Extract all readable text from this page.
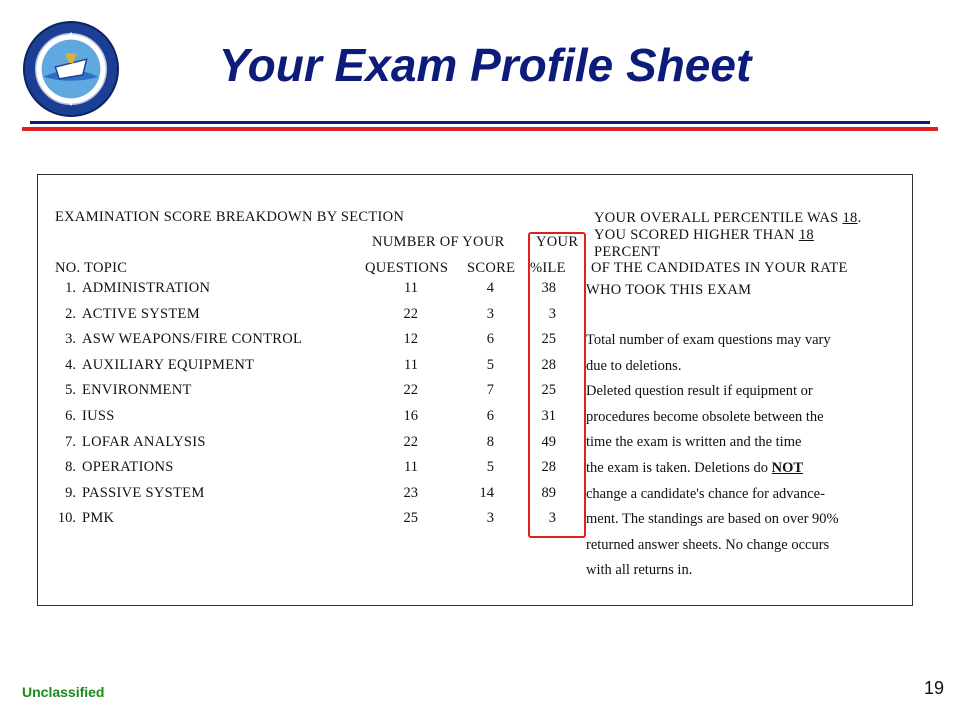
Your Exam Profile Sheet
EXAMINATION SCORE BREAKDOWN BY SECTION
NUMBER OF YOUR YOUR
NO. TOPIC	QUESTIONS SCORE %ILE
1. ADMINISTRATION	11	4	38
2. ACTIVE SYSTEM	22	3	3
3. ASW WEAPONS/FIRE CONTROL	12	6	25
4. AUXILIARY EQUIPMENT	11	5	28
5. ENVIRONMENT	22	7	25
6. IUSS	16	6	31
7. LOFAR ANALYSIS	22	8	49
8. OPERATIONS	11	5	28
9. PASSIVE SYSTEM	23	14	89
10. PMK	25	3	3
YOUR OVERALL PERCENTILE WAS 18.
YOU SCORED HIGHER THAN 18
PERCENT
OF THE CANDIDATES IN YOUR RATE
WHO TOOK THIS EXAM
Total number of exam questions may vary
due to deletions.
Deleted question result if equipment or
procedures become obsolete between the
time the exam is written and the time
the exam is taken. Deletions do NOT
change a candidate's chance for advance-
ment. The standings are based on over 90%
returned answer sheets. No change occurs
with all returns in.
Unclassified	19
